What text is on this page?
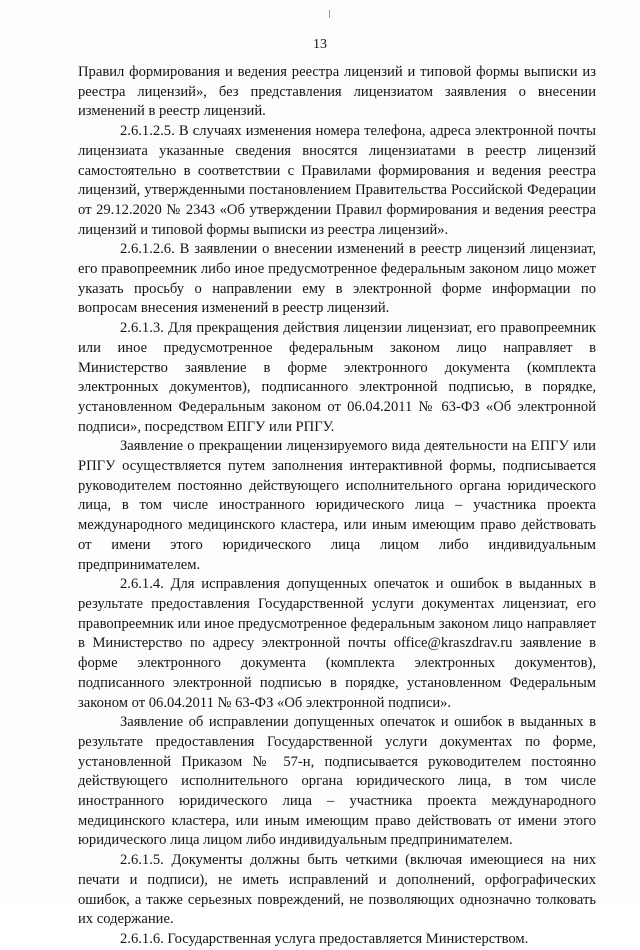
13

Правил формирования и ведения реестра лицензий и типовой формы выписки из реестра лицензий», без представления лицензиатом заявления о внесении изменений в реестр лицензий.

2.6.1.2.5. В случаях изменения номера телефона, адреса электронной почты лицензиата указанные сведения вносятся лицензиатами в реестр лицензий самостоятельно в соответствии с Правилами формирования и ведения реестра лицензий, утвержденными постановлением Правительства Российской Федерации от 29.12.2020 № 2343 «Об утверждении Правил формирования и ведения реестра лицензий и типовой формы выписки из реестра лицензий».

2.6.1.2.6. В заявлении о внесении изменений в реестр лицензий лицензиат, его правопреемник либо иное предусмотренное федеральным законом лицо может указать просьбу о направлении ему в электронной форме информации по вопросам внесения изменений в реестр лицензий.

2.6.1.3. Для прекращения действия лицензии лицензиат, его правопреемник или иное предусмотренное федеральным законом лицо направляет в Министерство заявление в форме электронного документа (комплекта электронных документов), подписанного электронной подписью, в порядке, установленном Федеральным законом от 06.04.2011 № 63-ФЗ «Об электронной подписи», посредством ЕПГУ или РПГУ.

Заявление о прекращении лицензируемого вида деятельности на ЕПГУ или РПГУ осуществляется путем заполнения интерактивной формы, подписывается руководителем постоянно действующего исполнительного органа юридического лица, в том числе иностранного юридического лица – участника проекта международного медицинского кластера, или иным имеющим право действовать от имени этого юридического лица лицом либо индивидуальным предпринимателем.

2.6.1.4. Для исправления допущенных опечаток и ошибок в выданных в результате предоставления Государственной услуги документах лицензиат, его правопреемник или иное предусмотренное федеральным законом лицо направляет в Министерство по адресу электронной почты office@kraszdrav.ru заявление в форме электронного документа (комплекта электронных документов), подписанного электронной подписью в порядке, установленном Федеральным законом от 06.04.2011 № 63-ФЗ «Об электронной подписи».

Заявление об исправлении допущенных опечаток и ошибок в выданных в результате предоставления Государственной услуги документах по форме, установленной Приказом № 57-н, подписывается руководителем постоянно действующего исполнительного органа юридического лица, в том числе иностранного юридического лица – участника проекта международного медицинского кластера, или иным имеющим право действовать от имени этого юридического лица лицом либо индивидуальным предпринимателем.

2.6.1.5. Документы должны быть четкими (включая имеющиеся на них печати и подписи), не иметь исправлений и дополнений, орфографических ошибок, а также серьезных повреждений, не позволяющих однозначно толковать их содержание.

2.6.1.6. Государственная услуга предоставляется Министерством.
